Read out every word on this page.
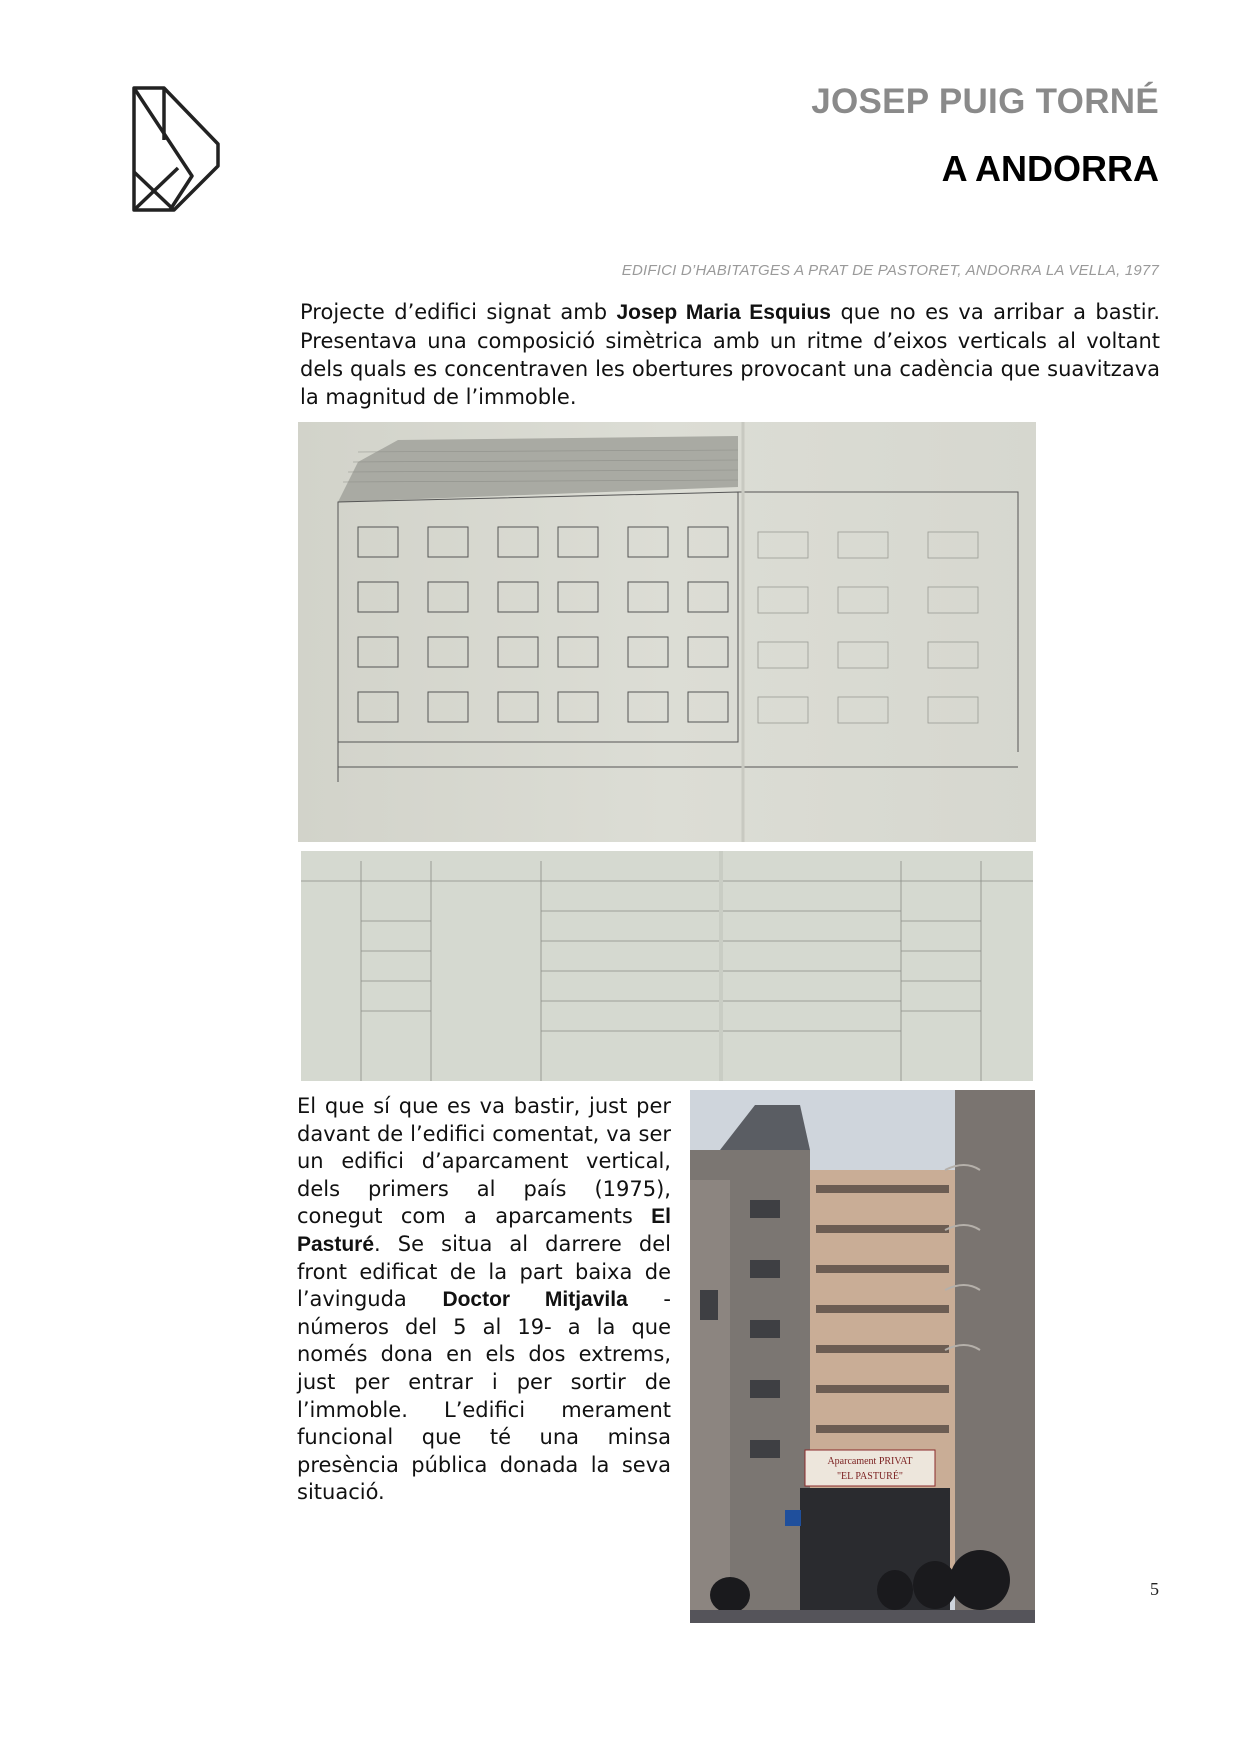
JOSEP PUIG TORNÉ
A ANDORRA
EDIFICI D’HABITATGES A PRAT DE PASTORET, ANDORRA LA VELLA, 1977

Projecte d’edifici signat amb Josep Maria Esquius que no es va arribar a bastir. Presentava una composició simètrica amb un ritme d’eixos verticals al voltant dels quals es concentraven les obertures provocant una cadència que suavitzava la magnitud de l’immoble.

El que sí que es va bastir, just per davant de l’edifici comentat, va ser un edifici d’aparcament vertical, dels primers al país (1975), conegut com a aparcaments El Pasturé. Se situa al darrere del front edificat de la part baixa de l’avinguda Doctor Mitjavila -números del 5 al 19- a la que només dona en els dos extrems, just per entrar i per sortir de l’immoble. L’edifici merament funcional que té una minsa presència pública donada la seva situació.

Aparcament PRIVAT
"EL PASTURÉ"
5
